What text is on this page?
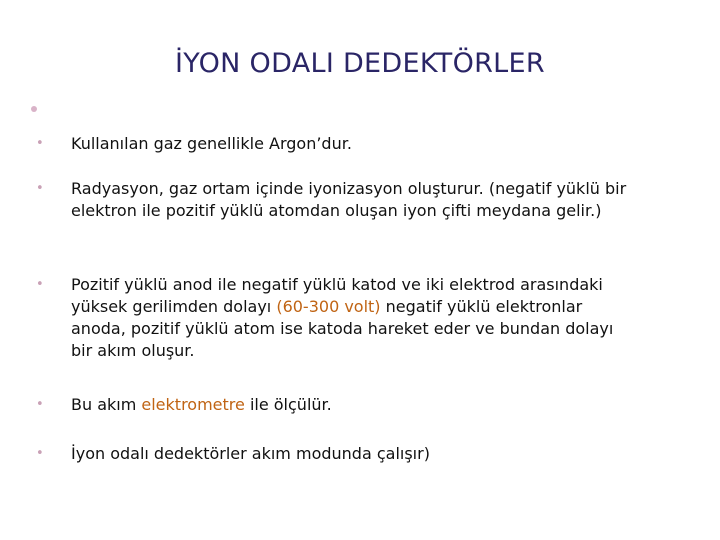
İYON ODALI DEDEKTÖRLER
•	Kullanılan gaz genellikle Argon’dur.
•	Radyasyon, gaz ortam içinde iyonizasyon oluşturur. (negatif yüklü bir elektron ile pozitif yüklü atomdan oluşan iyon çifti meydana gelir.)
•	Pozitif yüklü anod ile negatif yüklü katod ve iki elektrod arasındaki yüksek gerilimden dolayı (60-300 volt) negatif yüklü elektronlar anoda, pozitif yüklü atom ise katoda hareket eder ve bundan dolayı bir akım oluşur.
•	Bu akım elektrometre ile ölçülür.
•	İyon odalı dedektörler akım modunda çalışır)
